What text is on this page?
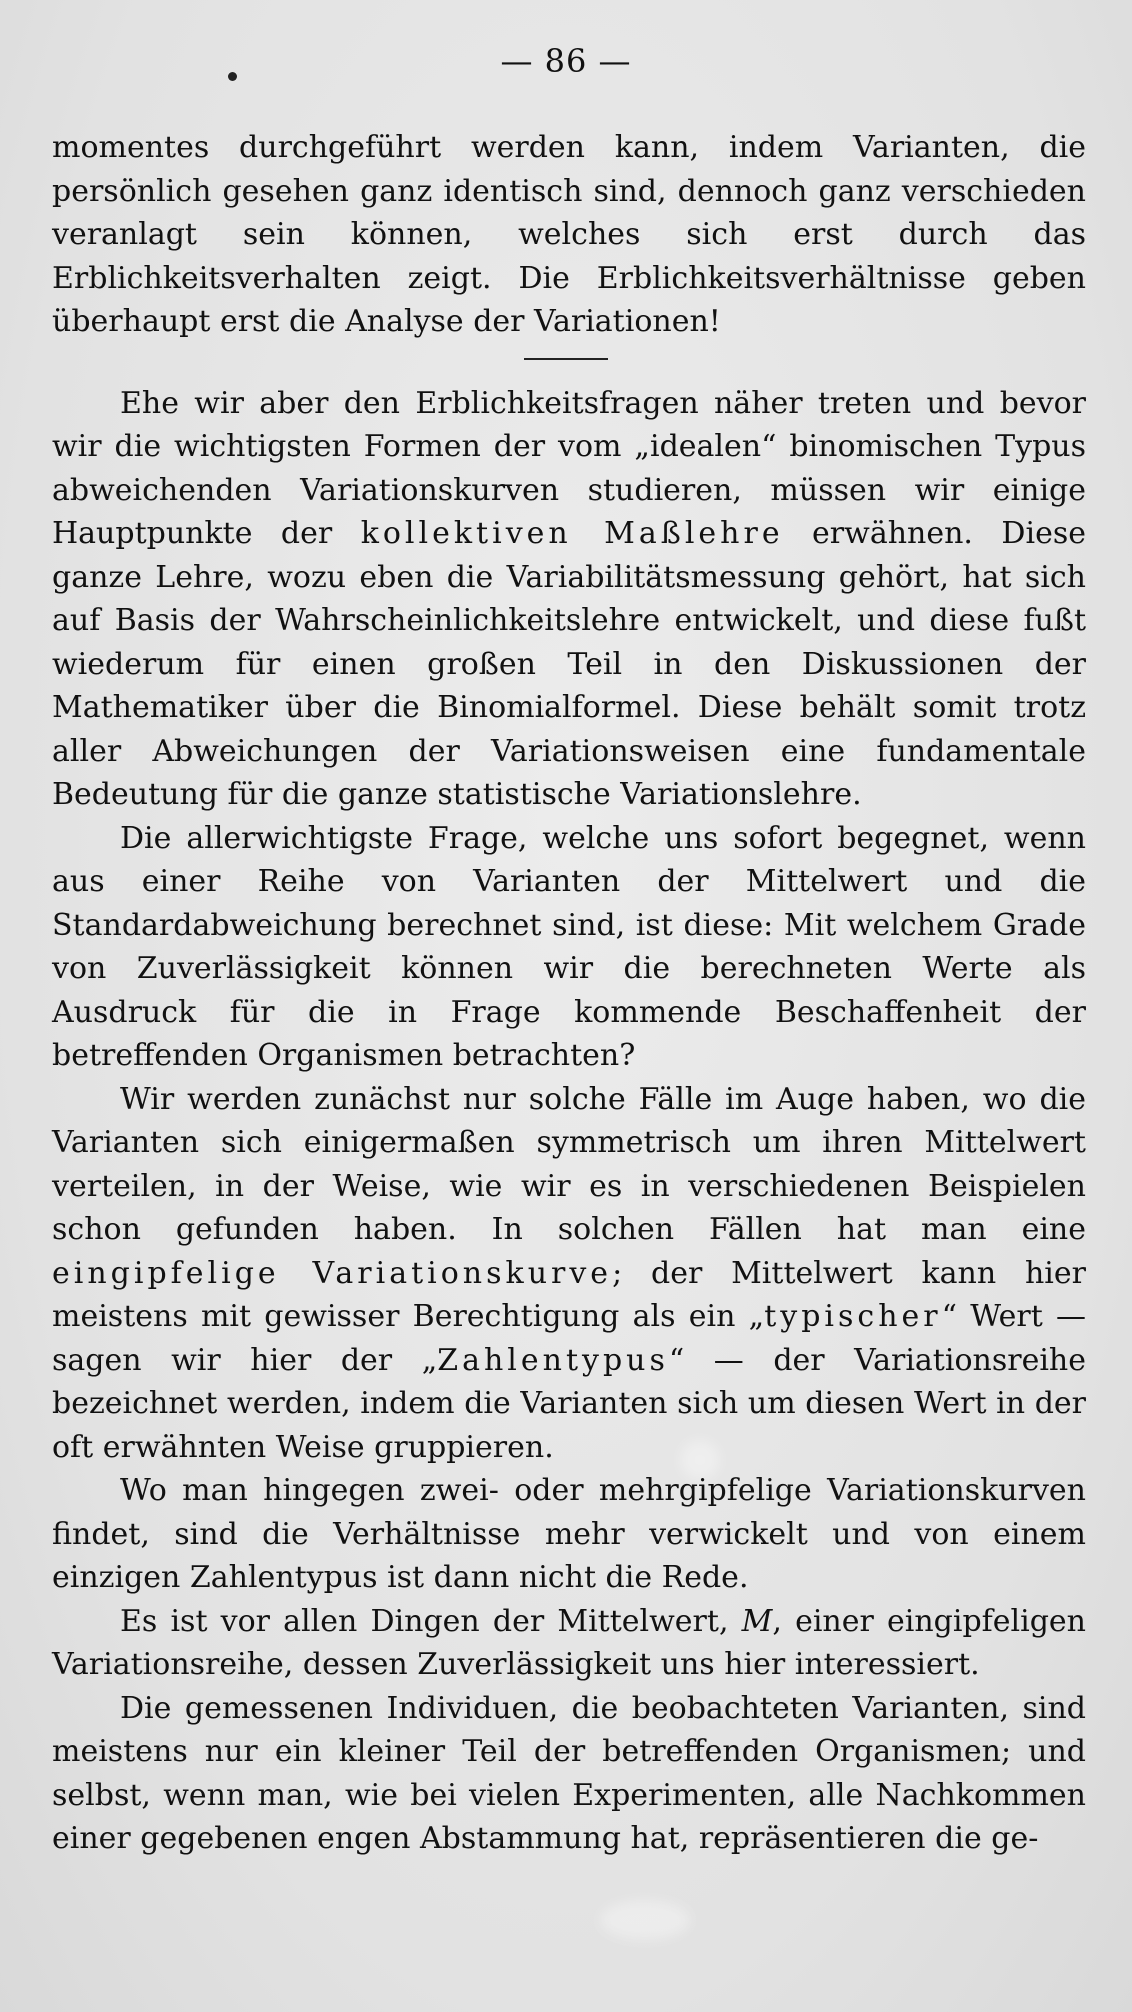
— 86 —

momentes durchgeführt werden kann, indem Varianten, die persönlich gesehen ganz identisch sind, dennoch ganz verschieden veranlagt sein können, welches sich erst durch das Erblichkeitsverhalten zeigt. Die Erblichkeitsverhältnisse geben überhaupt erst die Analyse der Variationen!

Ehe wir aber den Erblichkeitsfragen näher treten und bevor wir die wichtigsten Formen der vom „idealen“ binomischen Typus abweichenden Variationskurven studieren, müssen wir einige Hauptpunkte der kollektiven Maßlehre erwähnen. Diese ganze Lehre, wozu eben die Variabilitätsmessung gehört, hat sich auf Basis der Wahrscheinlichkeitslehre entwickelt, und diese fußt wiederum für einen großen Teil in den Diskussionen der Mathematiker über die Binomialformel. Diese behält somit trotz aller Abweichungen der Variationsweisen eine fundamentale Bedeutung für die ganze statistische Variationslehre.

Die allerwichtigste Frage, welche uns sofort begegnet, wenn aus einer Reihe von Varianten der Mittelwert und die Standardabweichung berechnet sind, ist diese: Mit welchem Grade von Zuverlässigkeit können wir die berechneten Werte als Ausdruck für die in Frage kommende Beschaffenheit der betreffenden Organismen betrachten?

Wir werden zunächst nur solche Fälle im Auge haben, wo die Varianten sich einigermaßen symmetrisch um ihren Mittelwert verteilen, in der Weise, wie wir es in verschiedenen Beispielen schon gefunden haben. In solchen Fällen hat man eine eingipfelige Variationskurve; der Mittelwert kann hier meistens mit gewisser Berechtigung als ein „typischer“ Wert — sagen wir hier der „Zahlentypus“ — der Variationsreihe bezeichnet werden, indem die Varianten sich um diesen Wert in der oft erwähnten Weise gruppieren.

Wo man hingegen zwei- oder mehrgipfelige Variationskurven findet, sind die Verhältnisse mehr verwickelt und von einem einzigen Zahlentypus ist dann nicht die Rede.

Es ist vor allen Dingen der Mittelwert, M, einer eingipfeligen Variationsreihe, dessen Zuverlässigkeit uns hier interessiert.

Die gemessenen Individuen, die beobachteten Varianten, sind meistens nur ein kleiner Teil der betreffenden Organismen; und selbst, wenn man, wie bei vielen Experimenten, alle Nachkommen einer gegebenen engen Abstammung hat, repräsentieren die ge-
